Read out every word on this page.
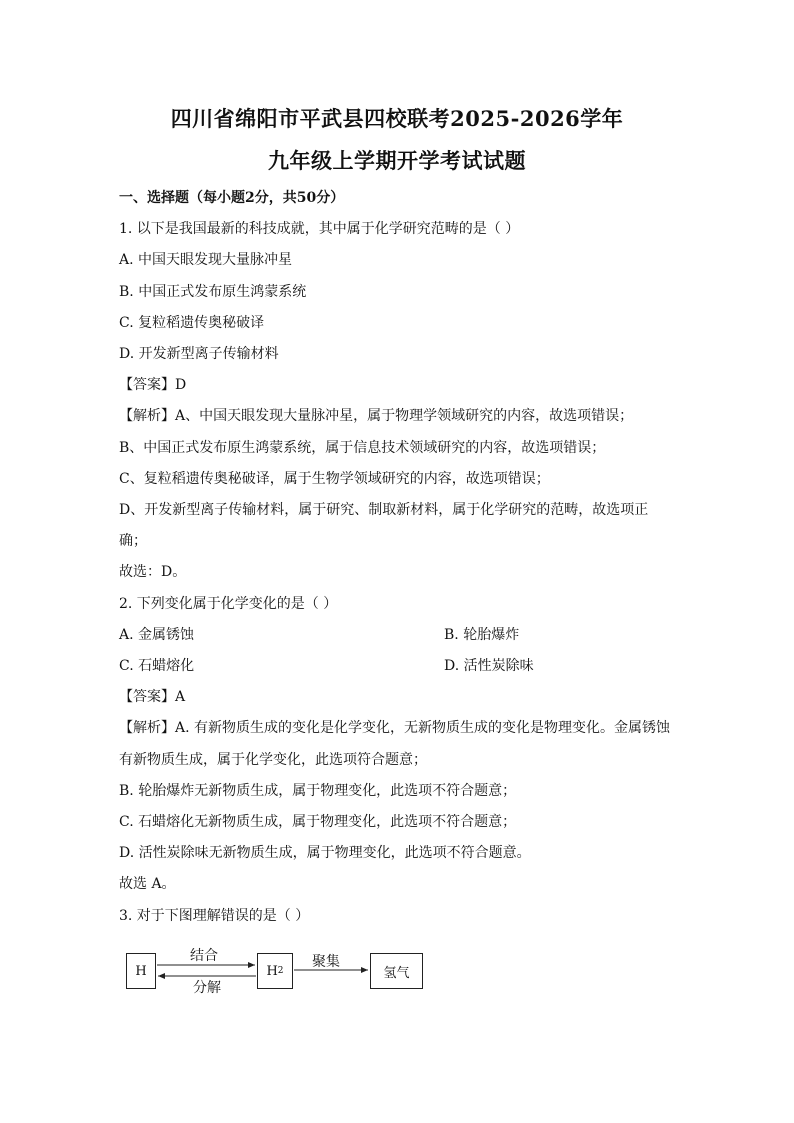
四川省绵阳市平武县四校联考2025-2026学年
九年级上学期开学考试试题
一、选择题（每小题2分，共50分）
1. 以下是我国最新的科技成就，其中属于化学研究范畴的是（ ）
A. 中国天眼发现大量脉冲星
B. 中国正式发布原生鸿蒙系统
C. 复粒稻遗传奥秘破译
D. 开发新型离子传输材料
【答案】D
【解析】A、中国天眼发现大量脉冲星，属于物理学领域研究的内容，故选项错误；
B、中国正式发布原生鸿蒙系统，属于信息技术领域研究的内容，故选项错误；
C、复粒稻遗传奥秘破译，属于生物学领域研究的内容，故选项错误；
D、开发新型离子传输材料，属于研究、制取新材料，属于化学研究的范畴，故选项正
确；
故选：D。
2. 下列变化属于化学变化的是（ ）
A. 金属锈蚀	B. 轮胎爆炸
C. 石蜡熔化	D. 活性炭除味
【答案】A
【解析】A. 有新物质生成的变化是化学变化，无新物质生成的变化是物理变化。金属锈蚀
有新物质生成，属于化学变化，此选项符合题意；
B. 轮胎爆炸无新物质生成，属于物理变化，此选项不符合题意；
C. 石蜡熔化无新物质生成，属于物理变化，此选项不符合题意；
D. 活性炭除味无新物质生成，属于物理变化，此选项不符合题意。
故选 A。
3. 对于下图理解错误的是（ ）
H	H 2	氢气
结合
分解
聚集
